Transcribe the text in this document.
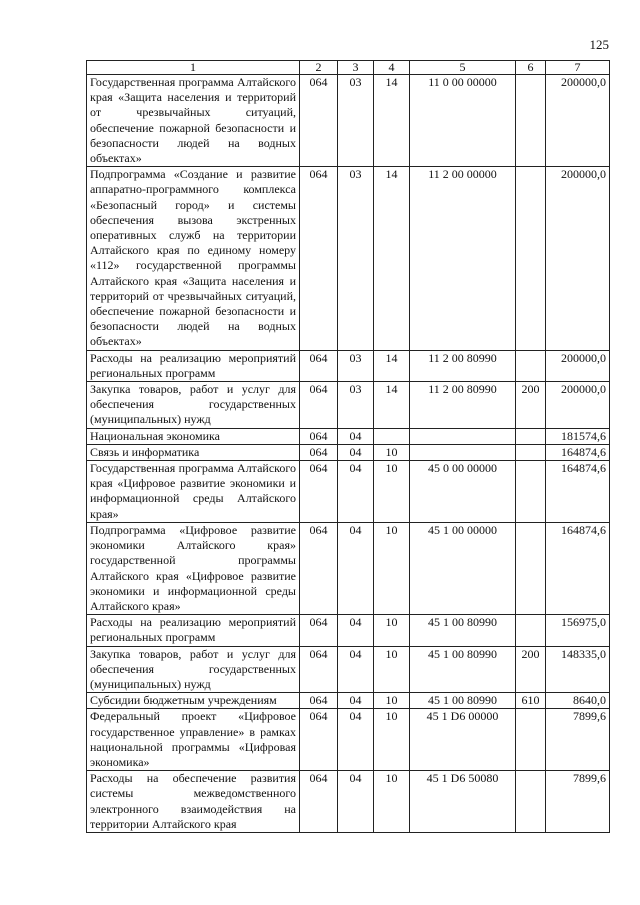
125
1	2	3	4	5	6	7
Государственная программа Алтайского края «Защита населения и территорий от чрезвычайных ситуаций, обеспечение пожарной безопасности и безопасности людей на водных объектах»	064	03	14	11 0 00 00000		200000,0
Подпрограмма «Создание и развитие аппаратно-программного комплекса «Безопасный город» и системы обеспечения вызова экстренных оперативных служб на территории Алтайского края по единому номеру «112» государственной программы Алтайского края «Защита населения и территорий от чрезвычайных ситуаций, обеспечение пожарной безопасности и безопасности людей на водных объектах»	064	03	14	11 2 00 00000		200000,0
Расходы на реализацию мероприятий региональных программ	064	03	14	11 2 00 80990		200000,0
Закупка товаров, работ и услуг для обеспечения государственных (муниципальных) нужд	064	03	14	11 2 00 80990	200	200000,0
Национальная экономика	064	04				181574,6
Связь и информатика	064	04	10			164874,6
Государственная программа Алтайского края «Цифровое развитие экономики и информационной среды Алтайского края»	064	04	10	45 0 00 00000		164874,6
Подпрограмма «Цифровое развитие экономики Алтайского края» государственной программы Алтайского края «Цифровое развитие экономики и информационной среды Алтайского края»	064	04	10	45 1 00 00000		164874,6
Расходы на реализацию мероприятий региональных программ	064	04	10	45 1 00 80990		156975,0
Закупка товаров, работ и услуг для обеспечения государственных (муниципальных) нужд	064	04	10	45 1 00 80990	200	148335,0
Субсидии бюджетным учреждениям	064	04	10	45 1 00 80990	610	8640,0
Федеральный проект «Цифровое государственное управление» в рамках национальной программы «Цифровая экономика»	064	04	10	45 1 D6 00000		7899,6
Расходы на обеспечение развития системы межведомственного электронного взаимодействия на территории Алтайского края	064	04	10	45 1 D6 50080		7899,6
